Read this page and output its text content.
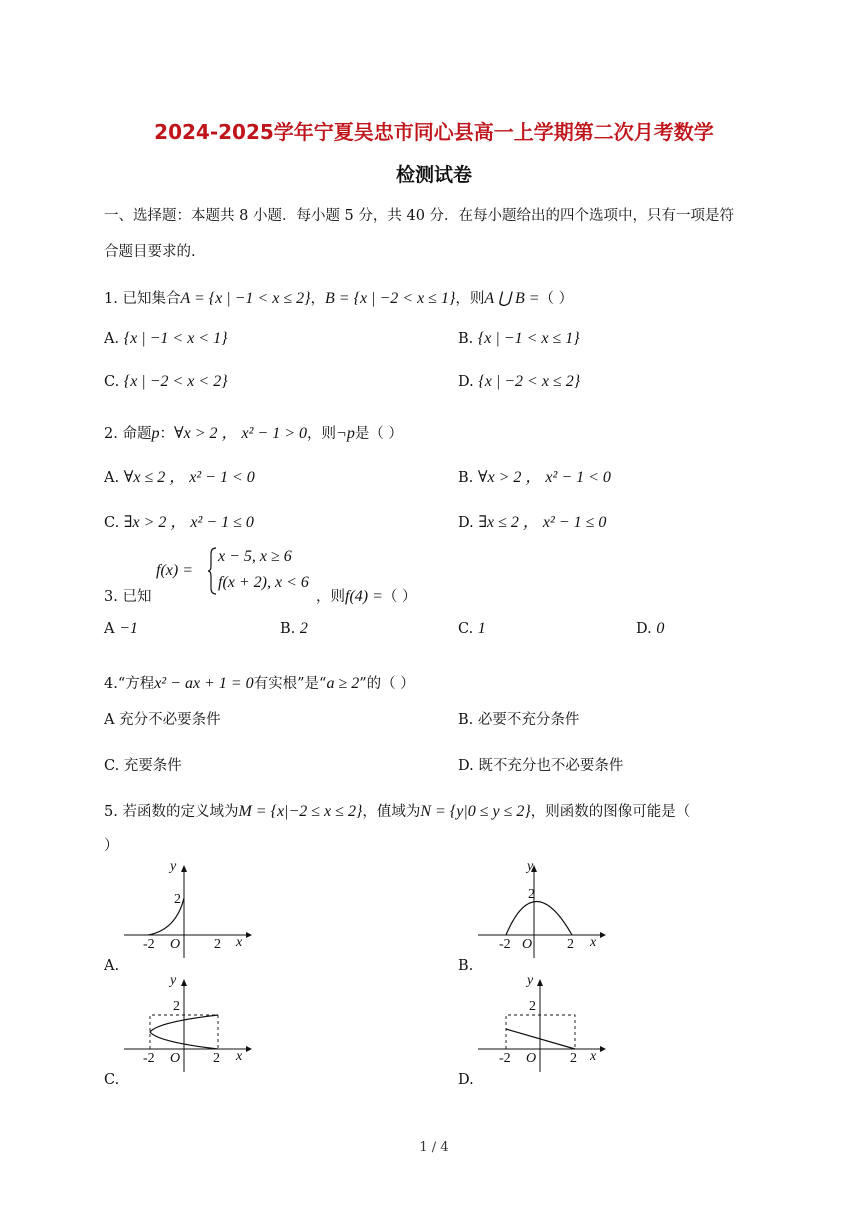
2024-2025学年宁夏吴忠市同心县高一上学期第二次月考数学
检测试卷
一、选择题：本题共 8 小题．每小题 5 分，共 40 分．在每小题给出的四个选项中，只有一项是符
合题目要求的.
1. 已知集合A = {x | −1 < x ≤ 2}，B = {x | −2 < x ≤ 1}，则A ⋃ B =（ ）
A. {x | −1 < x < 1}	B. {x | −1 < x ≤ 1}
C. {x | −2 < x < 2}	D. {x | −2 < x ≤ 2}
2. 命题p：∀x > 2 ， x² − 1 > 0，则¬p是（ ）
A. ∀x ≤ 2 ， x² − 1 < 0	B. ∀x > 2 ， x² − 1 < 0
C. ∃x > 2 ， x² − 1 ≤ 0	D. ∃x ≤ 2 ， x² − 1 ≤ 0
3. 已知
f(x) =
x − 5, x ≥ 6
f(x + 2), x < 6
，则f(4) =（ ）
A −1	B. 2	C. 1	D. 0
4.“方程x² − ax + 1 = 0有实根”是“a ≥ 2”的（ ）
A 充分不必要条件	B. 必要不充分条件
C. 充要条件	D. 既不充分也不必要条件
5. 若函数的定义域为M = {x|−2 ≤ x ≤ 2}，值域为N = {y|0 ≤ y ≤ 2}，则函数的图像可能是（
）
y
x
O
-2	2
2
A.
y
x
O
-2	2
2
B.
y
x
O
-2	2
2
C.
y
x
O
-2	2
2
D.
1 / 4
